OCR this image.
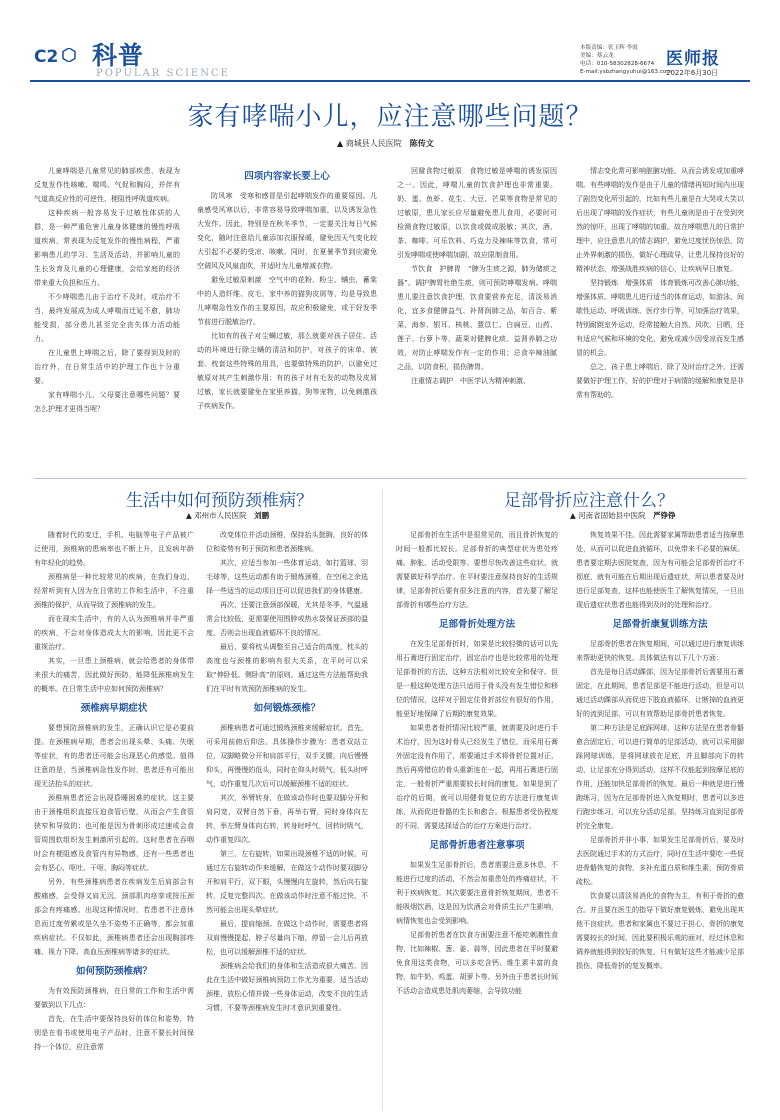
C2 科普
POPULAR SCIENCE
本版责编：张玉辉 李霞
美编：蔡云龙
电话：010-58302828-6674
E-mail:ysbzhangyuhui@163.com
医师报
2022年6月30日
家有哮喘小儿，应注意哪些问题？
▲ 商城县人民医院　 陈传文

儿童哮喘是儿童常见的肺部疾患，表现为反复发作性咳嗽、喘鸣、气促和胸闷，并伴有气道高反应性的可逆性、梗阻性呼吸道疾病。

这种疾病一般容易发于过敏性体质的人群，是一种严重危害儿童身体健康的慢性呼吸道疾病，常表现为反复发作的慢性病程，严重影响患儿的学习、生活及活动，并影响儿童的生长发育及儿童的心理健康，会给家庭的经济带来重大负担和压力。

不少哮喘患儿由于治疗不及时，或治疗不当，最终发展成为成人哮喘而迁延不愈，肺功能受损，部分患儿甚至完全丧失体力活动能力。

在儿童患上哮喘之后，除了要得到及时的治疗外，在日常生活中的护理工作也十分重要。

家有哮喘小儿，父母要注意哪些问题？要怎么护理才更得当呢？

四项内容家长要上心

防风寒　受寒和感冒是引起哮喘发作的重要原因。儿童感受风寒以后，非常容易导致哮喘加重，以及诱发急性大发作。因此，特别是在秋冬季节，一定要关注每日气候变化，随时注意给儿童添加衣服保暖，避免因天气变化较大引起不必要的受凉、咳嗽。同时，在夏暑季节到应避免空调风及风扇直吹，并适时为儿童增减衣物。

避免过敏原刺激　空气中的花粉、粉尘、螨虫，蓄棠中的人造纤维、皮毛，家中养的猫狗皮屑等，均是导致患儿哮喘急性发作的主要原因，故应积极避免，或于好发季节前进行脱敏治疗。

比如有的孩子对尘螨过敏，那么就要对孩子居住、活动的环境进行除尘螨的清洁和防护，对孩子的床单、被套、枕套这些特殊的用具，也要做特殊的防护，以避免过敏原对其产生刺激作用；有的孩子对有毛发的动物及皮屑过敏，家长就要避免在家里养猫、狗等宠物，以免刺激孩子疾病发作。

回避食物过敏原　食物过敏是哮喘的诱发原因之一。因此，哮喘儿童的饮食护理也非常重要。奶、蛋、鱼虾、花生、大豆、芒果等食物是常见的过敏原，患儿家长应尽量避免患儿食用，必要时可检测食物过敏原，以饮食或做成脱敏；其次，酒、茶、咖啡、可乐饮料、巧克力及辣味等饮食，常可引发哮喘或使哮喘加剧，故应限制食用。

节饮食　护脾胃　“脾为生痰之源，肺为储痰之器”。调护脾胃杜绝生痰，则可预防哮喘发病。哮喘患儿要注意饮食护理，饮食要营养充足，清淡易消化，宜多食健脾益气、补肾润肺之品，如百合、紫菜、海参、银耳、核桃、薏苡仁、白扁豆、山药、莲子、台萝卜等，蔬果对健脾化痰、益肾养肺之功效，对防止哮喘发作有一定的作用；忌食辛辣油腻之品，以防食积，损伤脾胃。

注重情志调护　中医学认为精神刺激、

情志变化常可影响脏腑功能，从而会诱发或加重哮喘。有些哮喘的发作是由于儿童的情绪再短时间内出现了剧烈变化所引起的，比如有些儿童是在大哭或大笑以后出现了哮喘的发作症状，有些儿童则是由于在受到突然的惊吓，出现了哮喘的加重。故在哮喘患儿的日常护理中，应注意患儿的情志调护，避免过度忧伤惊恐，防止外界刺激的损伤，做好心理疏导，让患儿保持良好的精神状态，增强战胜疾病的信心，让疾病早日康复。

坚持锻炼　增强体质　体育锻炼可改善心肺功能，增强体质。哮喘患儿进行适当的体育运动，如游泳、间歇性运动、呼吸训练、医疗步行等，可加强治疗效果，特别耐跳室外运动，经常接触大自然、风吹、日晒，还有适应气候和环境的变化，避免或减少因受凉而发生感冒的机会。

总之，孩子患上哮喘后，除了及时治疗之外，还需要做好护理工作，好的护理对于病情的缓解和康复是非常有帮助的。

生活中如何预防颈椎病？
▲ 邓州市人民医院　 刘鹏

随着时代的变迁，手机、电脑等电子产品被广泛使用，颈椎病的患病率也不断上升，且发病年龄有年轻化的趋势。

颈椎病是一种比较常见的疾病，在我们身边，经常听到有人因为在日常的工作和生活中，不注重颈椎的保护，从而导致了颈椎病的发生。

而在现实生活中，有的人认为颈椎病并非严重的疾病，不会对身体造成太大的影响，因此更不会重视治疗。

其实，一旦患上颈椎病，就会给患者的身体带来很大的痛苦，因此做好预防，能降低颈椎病发生的概率。在日常生活中应如何预防颈椎病？

颈椎病早期症状

要想预防颈椎病的发生，正确认识它是必要前提。在颈椎病早期，患者会出现头晕、头痛、失眠等症状，有的患者还可能会出现恶心的感觉。值得注意的是，当颈椎病急性发作时，患者还有可能出现无法抬头的症状。

颈椎病患者还会出现昏睡困难的症状。这主要由于颈椎组织直接压迫食管后壁，从而会产生食管狭窄和导致的；也可能是因为骨刺形成过速或会食管周围软组织发生刺激所引起的。这时患者在吞咽时会有梗阻感及食管内有异物感，还有一些患者也会有恶心、呕吐、干呕、胸闷等症状。

另外，有些颈椎病患者在疾病发生后肩部会有酸痛感，会受得又肩无沉、颈部肌肉痉挛或按压颈部会有疼痛感。出现这种情况时，若患者不注意休息而过度劳累或是久坐不姿势不正确等，都会加重疾病症状。不仅如此，颈椎病患者还会出现胸部疼痛、视力下降、高血压颈椎病等诸多的症状。

如何预防颈椎病？

为有效预防颈椎病，在日常的工作和生活中需要做到以下几点：

首先，在生活中要保持良好的体位和姿势，特别是在看书或使用电子产品时，注意不要长时间保持一个体位，应注意常

改变体位并活动颈椎，保持抬头挺胸，良好的体位和姿势有利于预防和患者颈椎病。

其次，应适当参加一些体育运动，如打篮球、羽毛球等，这些运动都有助于锻炼颈椎，在空闲之余选择一些适当的运动项目还可以促进我们的身体健康。

再次，还要注意颈部保暖，尤其是冬季，气温通常会比较低，更需要使用围脖或热水袋保证颈部的温度，否则会出现血液循环不良的情况。

最后，要将枕头调整至自己适合的高度，枕头的高度也与颈椎的影响有很大关系，在平时可以采取“伸卧低、侧卧高”的原则。通过这些方法能帮助我们在平时有效预防颈椎病的发生。

如何锻炼颈椎？

颈椎病患者可通过锻炼颈椎来缓解症状。首先，可采用前俯后仰法。具体操作步骤为：患者双站立位，双脚略微分开和肩部平行，双手叉腰，向后慢慢仰头，再慢慢的低头，同时在仰头时吸气，低头时呼气，动作重复几次后可以缓解颈椎不适的症状。

其次，举臂转身，在做该动作时也要双脚分开和肩同宽，双臂自然下垂，再举右臂，同时身体向左转，举左臂身体向右转，转身时呼气，回转时吸气，动作重复四次。

第三，左右旋转，如果出现颈椎不适的时候，可通过左右旋转动作来缓解，在做这个动作时要双脚分开和肩平行，双下眼，头慢慢向左旋转，然后向右旋转，反复完整四次。在做该动作时注意不能过快，不然可能会出现头晕症状。

最后，提肩缩颈。在做这个动作时，需要患者将双肩慢慢提起，脖子尽量向下缩，停留一会儿后再放松，也可以缓解颈椎不适的症状。

颈椎病会给我们的身体和生活造成很大痛苦。因此在生活中做好颈椎病预防工作尤为重要，适当活动颈椎，放松心情并做一些身体运动，改变不良的生活习惯，不要等颈椎病发生时才意识到重要性。

足部骨折应注意什么？
▲ 河南省固始县中医院　 严铮铮

足部骨折在生活中是很常见的，而且骨折恢复的时间一般都比较长。足部骨折的典型症状为患处疼痛、肿胀、活动受限等。要想尽快改善这些症状，就需要做好科学治疗。在平时要注意保持良好的生活规律，足部骨折后要有很多注意的内容，首先要了解足部骨折有哪些治疗方法。

足部骨折处理方法

在发生足部骨折时，如果是比较轻微的话可以先用石膏进行固定治疗，固定治疗也是比较常用的处理足部骨折的方法，这种方法相对比较安全和保守。但是一般这种处理方法只适用于骨头没有发生错位和移位的情况，这样对于固定住骨折部位有很好的作用，能更好地保障了后期的康复效果。

如果患者骨折情况比较严重，就需要及时进行手术治疗，因为这时骨头已经发生了错位，而采用石膏外固定没有作用了，需要通过手术将骨折位置对正，然后再将错位的骨头重新连在一起，再用石膏进行固定，一般骨折严重需要较长时间的康复。如果是到了治疗的后期，就可以用健骨复位的方法进行康复训练，从而促进骨骼的生长和愈合。根据患者受伤程度的不同，需要选择适合的治疗方案进行治疗。

足部骨折患者注意事项

如果发生足部骨折后，患者需要注意多休息，不能进行过度的活动，不然会加重患处的疼痛症状，不利于疾病恢复。其次要要注意骨折恢复期间，患者不能吸烟饮酒，这是因为饮酒会对骨质生长产生影响，病情恢复也会受到影响。

足部骨折患者在饮食方面要注意不能吃刺激性食物，比如辣椒、葱、姜、蒜等，因此患者在平时要避免食用这类食物，可以多吃含钙、维生素丰富的食物，如牛奶、鸡蛋、胡萝卜等。另外由于患者长时间不活动会造成患处肌肉萎缩，会导致功能

恢复效果不佳。因此需要家属帮助患者适当按摩患处，从而可以促进血液循环，以免带来不必要的麻烦。患者要定期去医院复查，因为有可能会足部骨折治疗不彻底，就有可能在后期出现后遗症状，所以患者要及时进行足部复查，这样也能使医生了解恢复情况，一旦出现后遗症状患者也能得到及时的处理和治疗。

足部骨折康复训练方法

足部骨折患者在恢复期间，可以通过进行康复训练来帮助更快的恢复。具体做法有以下几个方面：

首先是每日活动踝部，因为足部骨折后需要用石膏固定，在此期间，患者足部是不能进行活动，但是可以通过活动踝部从而促进下肢血液循环，让断掉的血液更好的流到足部，可以有效帮助足部骨折患者恢复。

第二种方法是足底踩网球，这种方法是在患者骨骼愈合固定后，可以进行简单的足部活动，就可以采用脚踩网球训练，是将网球放在足底，并且脚部向下的转动，让足部充分得到活动，这样不仅能起到按摩足底的作用，还能加快足部骨折的恢复。最后一种就是进行慢跑练习，因为在足部骨折进入恢复期时，患者可以多进行跑步练习，可以充分活动足部，坚持练习直到足部骨折完全康复。

足部骨折并非小事，如果发生足部骨折后，要及时去医院通过手术的方式治疗，同时在生活中要吃一些促进骨骼恢复的食物，多补充蛋白质和维生素，预防骨质疏松。

饮食要以清淡易消化的食物为主，有利于骨折的愈合。并且要在医生的指导下做好康复锻炼，避免出现其他不良症状。患者和家属也不要过于担心，骨折的康复需要较长的时间，因此要积极乐观的面对，经过休息和调养就能得到较好的恢复，只有做好这些才能减少足部损伤，降低骨折的复发概率。
